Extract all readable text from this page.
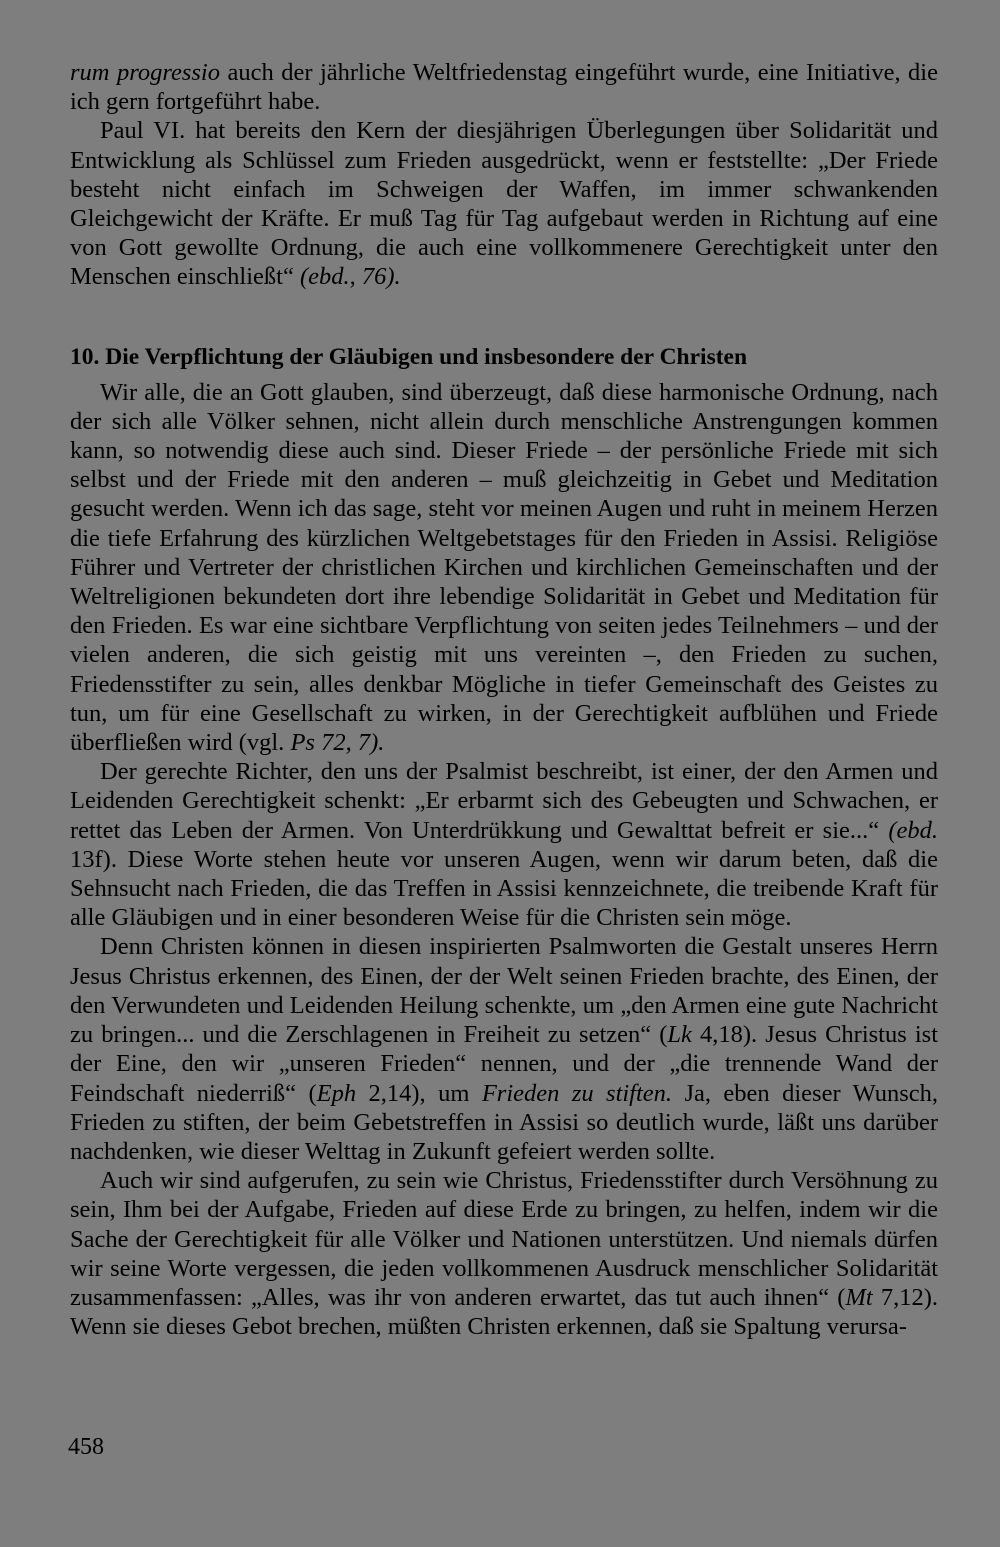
rum progressio auch der jährliche Weltfriedenstag eingeführt wurde, eine Initiative, die ich gern fortgeführt habe.

Paul VI. hat bereits den Kern der diesjährigen Überlegungen über Solidarität und Entwicklung als Schlüssel zum Frieden ausgedrückt, wenn er feststellte: „Der Friede besteht nicht einfach im Schweigen der Waffen, im immer schwankenden Gleichgewicht der Kräfte. Er muß Tag für Tag aufgebaut werden in Richtung auf eine von Gott gewollte Ordnung, die auch eine vollkommenere Gerechtigkeit unter den Menschen einschließt“ (ebd., 76).

10. Die Verpflichtung der Gläubigen und insbesondere der Christen

Wir alle, die an Gott glauben, sind überzeugt, daß diese harmonische Ordnung, nach der sich alle Völker sehnen, nicht allein durch menschliche Anstrengungen kommen kann, so notwendig diese auch sind. Dieser Friede – der persönliche Friede mit sich selbst und der Friede mit den anderen – muß gleichzeitig in Gebet und Meditation gesucht werden. Wenn ich das sage, steht vor meinen Augen und ruht in meinem Herzen die tiefe Erfahrung des kürzlichen Weltgebetstages für den Frieden in Assisi. Religiöse Führer und Vertreter der christlichen Kirchen und kirchlichen Gemeinschaften und der Weltreligionen bekundeten dort ihre lebendige Solidarität in Gebet und Meditation für den Frieden. Es war eine sichtbare Verpflichtung von seiten jedes Teilnehmers – und der vielen anderen, die sich geistig mit uns vereinten –, den Frieden zu suchen, Friedensstifter zu sein, alles denkbar Mögliche in tiefer Gemeinschaft des Geistes zu tun, um für eine Gesellschaft zu wirken, in der Gerechtigkeit aufblühen und Friede überfließen wird (vgl. Ps 72, 7).

Der gerechte Richter, den uns der Psalmist beschreibt, ist einer, der den Armen und Leidenden Gerechtigkeit schenkt: „Er erbarmt sich des Gebeugten und Schwachen, er rettet das Leben der Armen. Von Unterdrükkung und Gewalttat befreit er sie...“ (ebd. 13f). Diese Worte stehen heute vor unseren Augen, wenn wir darum beten, daß die Sehnsucht nach Frieden, die das Treffen in Assisi kennzeichnete, die treibende Kraft für alle Gläubigen und in einer besonderen Weise für die Christen sein möge.

Denn Christen können in diesen inspirierten Psalmworten die Gestalt unseres Herrn Jesus Christus erkennen, des Einen, der der Welt seinen Frieden brachte, des Einen, der den Verwundeten und Leidenden Heilung schenkte, um „den Armen eine gute Nachricht zu bringen... und die Zerschlagenen in Freiheit zu setzen“ (Lk 4,18). Jesus Christus ist der Eine, den wir „unseren Frieden“ nennen, und der „die trennende Wand der Feindschaft niederriß“ (Eph 2,14), um Frieden zu stiften. Ja, eben dieser Wunsch, Frieden zu stiften, der beim Gebetstreffen in Assisi so deutlich wurde, läßt uns darüber nachdenken, wie dieser Welttag in Zukunft gefeiert werden sollte.

Auch wir sind aufgerufen, zu sein wie Christus, Friedensstifter durch Versöhnung zu sein, Ihm bei der Aufgabe, Frieden auf diese Erde zu bringen, zu helfen, indem wir die Sache der Gerechtigkeit für alle Völker und Nationen unterstützen. Und niemals dürfen wir seine Worte vergessen, die jeden vollkommenen Ausdruck menschlicher Solidarität zusammenfassen: „Alles, was ihr von anderen erwartet, das tut auch ihnen“ (Mt 7,12). Wenn sie dieses Gebot brechen, müßten Christen erkennen, daß sie Spaltung verursa-

458
